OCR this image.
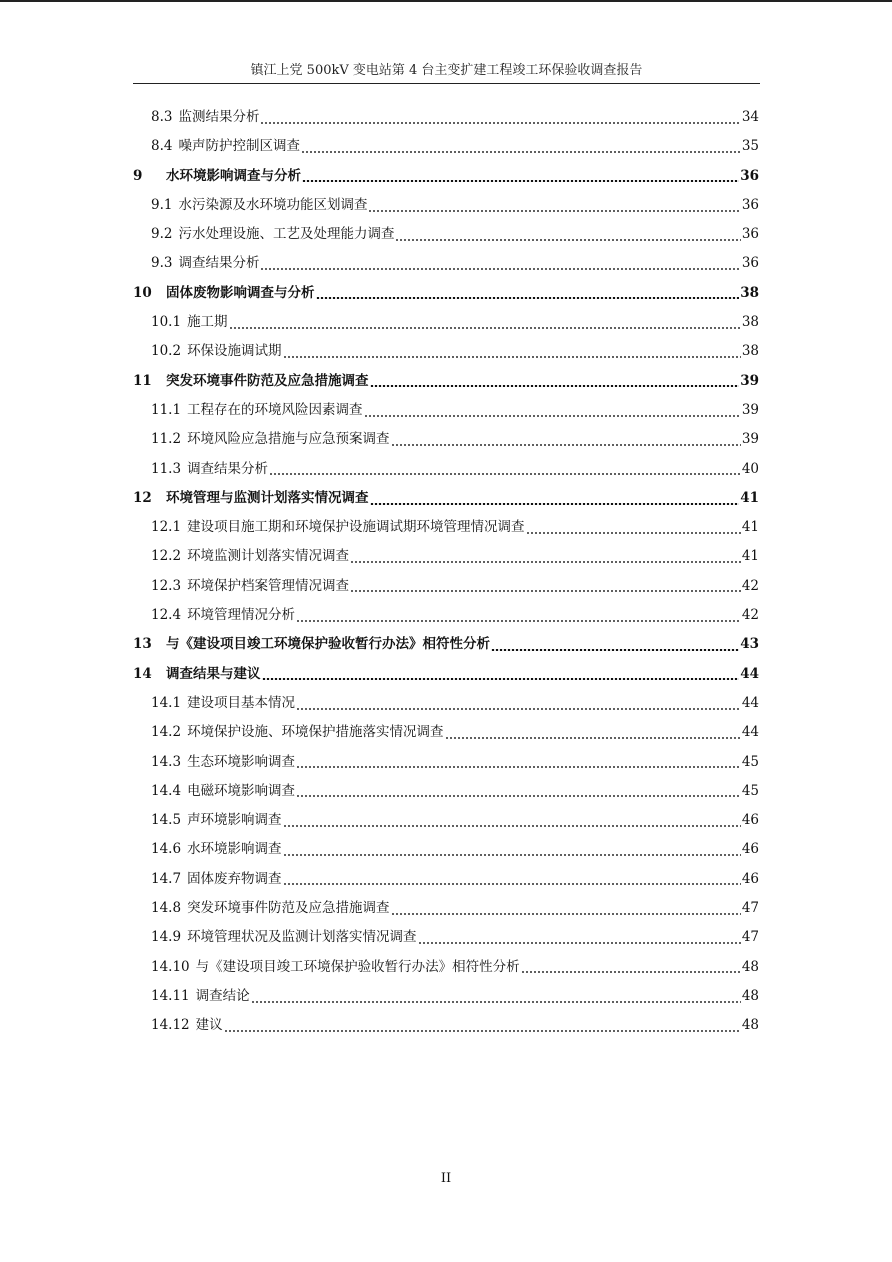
镇江上党 500kV 变电站第 4 台主变扩建工程竣工环保验收调查报告
8.3 监测结果分析	34
8.4 噪声防护控制区调查	35
9	水环境影响调查与分析	36
9.1 水污染源及水环境功能区划调查	36
9.2 污水处理设施、工艺及处理能力调查	36
9.3 调查结果分析	36
10	固体废物影响调查与分析	38
10.1 施工期	38
10.2 环保设施调试期	38
11	突发环境事件防范及应急措施调查	39
11.1 工程存在的环境风险因素调查	39
11.2 环境风险应急措施与应急预案调查	39
11.3 调查结果分析	40
12	环境管理与监测计划落实情况调查	41
12.1 建设项目施工期和环境保护设施调试期环境管理情况调查	41
12.2 环境监测计划落实情况调查	41
12.3 环境保护档案管理情况调查	42
12.4 环境管理情况分析	42
13	与《建设项目竣工环境保护验收暂行办法》相符性分析	43
14	调查结果与建议	44
14.1 建设项目基本情况	44
14.2 环境保护设施、环境保护措施落实情况调查	44
14.3 生态环境影响调查	45
14.4 电磁环境影响调查	45
14.5 声环境影响调查	46
14.6 水环境影响调查	46
14.7 固体废弃物调查	46
14.8 突发环境事件防范及应急措施调查	47
14.9 环境管理状况及监测计划落实情况调查	47
14.10 与《建设项目竣工环境保护验收暂行办法》相符性分析	48
14.11 调查结论	48
14.12 建议	48
II
